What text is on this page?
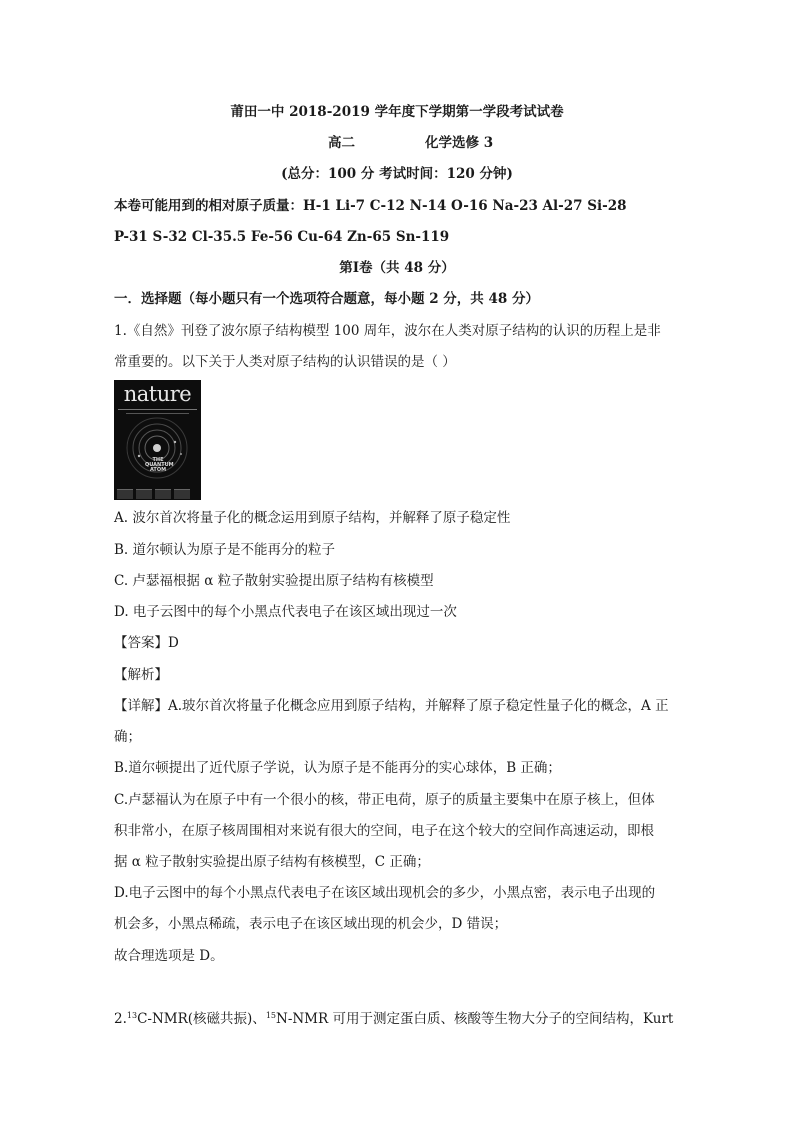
莆田一中 2018-2019 学年度下学期第一学段考试试卷
高二	化学选修 3
(总分：100 分 考试时间：120 分钟)
本卷可能用到的相对原子质量：H-1 Li-7 C-12 N-14 O-16 Na-23 Al-27 Si-28
P-31 S-32 Cl-35.5 Fe-56 Cu-64 Zn-65 Sn-119
第Ⅰ卷（共 48 分）
一．选择题（每小题只有一个选项符合题意，每小题 2 分，共 48 分）
1.《自然》刊登了波尔原子结构模型 100 周年，波尔在人类对原子结构的认识的历程上是非
常重要的。以下关于人类对原子结构的认识错误的是（ ）
nature
THE QUANTUM ATOM
A. 波尔首次将量子化的概念运用到原子结构，并解释了原子稳定性
B. 道尔顿认为原子是不能再分的粒子
C. 卢瑟福根据 α 粒子散射实验提出原子结构有核模型
D. 电子云图中的每个小黑点代表电子在该区域出现过一次
【答案】D
【解析】
【详解】A.玻尔首次将量子化概念应用到原子结构，并解释了原子稳定性量子化的概念，A 正
确；
B.道尔顿提出了近代原子学说，认为原子是不能再分的实心球体，B 正确；
C.卢瑟福认为在原子中有一个很小的核，带正电荷，原子的质量主要集中在原子核上，但体
积非常小，在原子核周围相对来说有很大的空间，电子在这个较大的空间作高速运动，即根
据 α 粒子散射实验提出原子结构有核模型，C 正确；
D.电子云图中的每个小黑点代表电子在该区域出现机会的多少，小黑点密，表示电子出现的
机会多，小黑点稀疏，表示电子在该区域出现的机会少，D 错误；
故合理选项是 D。
2.13C-NMR(核磁共振)、$^{15}$N-NMR 可用于测定蛋白质、核酸等生物大分子的空间结构，Kurt
